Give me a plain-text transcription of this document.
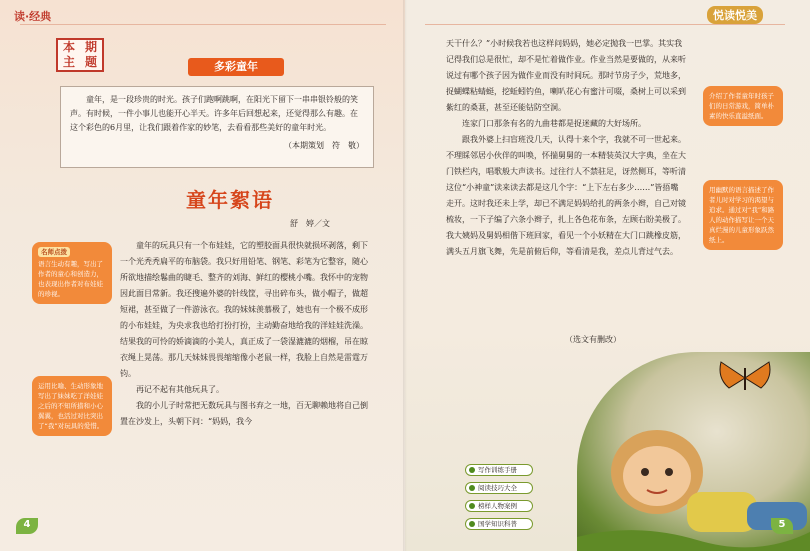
读·经典
本 期
主 题	多彩童年

童年，是一段珍贵的时光。孩子们跑啊跳啊，在阳光下留下一串串银铃般的笑声。有时候，一件小事儿也能开心半天。许多年后回想起来，还觉得那么有趣。在这个彩色的6月里，让我们跟着作家的妙笔，去看看那些美好的童年时光。

（本期策划　符　敬）

童年絮语
舒　婷／文

童年的玩具只有一个布娃娃，它的塑胶面具很快就损坏剥落，剩下一个光秃秃扁平的布脑袋。我只好用铅笔、钢笔、彩笔为它整容，随心所欲地描绘鬈曲的睫毛、整齐的刘海、鲜红的樱桃小嘴。我怀中的宠物因此面目常新。我还搜遍外婆的针线筐，寻出碎布头，做小帽子，做超短裙，甚至做了一件游泳衣。我的妹妹羡慕极了，她也有一个极不成形的小布娃娃，为央求我也给打扮打扮，主动勤奋地给我的洋娃娃洗澡。结果我的可怜的娇滴滴的小美人，真正成了一袋湿漉漉的烟榴，吊在晾衣绳上晃荡。那几天妹妹畏畏缩缩像小老鼠一样，我脸上自然是雷霆万钧。

再记不起有其他玩具了。

我的小儿子时常把无数玩具与图书弃之一地，百无聊赖地将自己倒置在沙发上，头朝下问：“妈妈，我今

名师点拨
语言生动有趣，写出了作者的童心和创造力，也表现出作者对布娃娃的珍视。
运用比喻、生动形象地写出了妹妹吃了洋娃娃之后的不知所措和小心翼翼，也活过对比突出了“我”对玩具的爱惜。
4
悦读悦美

天干什么？”小时候我若也这样问妈妈，她必定抛我一巴掌。其实我记得我们总是很忙，却不是忙着做作业。作业当然是要做的，从来听说过有哪个孩子因为做作业而没有时间玩。那时节房子少，荒地多，捉蝴蝶粘蜻蜓，挖蚯蚓钓鱼，喇叭花心有蜜汁可啜，桑树上可以采到紫红的桑葚，甚至还能钻防空洞。

连家门口那条有名的九曲巷都是捉迷藏的大好场所。

跟我外婆上扫盲班没几天，认得十来个字，我就不可一世起来。不理睬邻居小伙伴的叫唤，怀揣舅舅的一本精装英汉大字典，坐在大门铁栏内，唱歌般大声读书。过往行人不禁驻足，讶然侧耳，等听清这位“小神童”读来读去都是这几个字：“上下左右多少……”皆捂嘴走开。这时我还未上学，却已不满足妈妈给扎的两条小辫，自己对镜梳妆，一下子编了六条小辫子，扎上各色花布条，左顾右盼美极了。我大姨妈及舅妈相偕下班回家，看见一个小妖精在大门口跳橡皮筋，满头五月旗飞舞，先是前俯后仰，等看清是我，差点儿背过气去。

（选文有删改）
介绍了作者童年时孩子们的日常游戏，简单朴素的快乐直溢纸面。
用幽默的语言描述了作者儿时对学习的渴望与追求。通过对“我”和路人的动作描写让一个天真烂漫的儿童形象跃然纸上。
写作训练手册
阅读技巧大全
榜样人物案例
国学知识科普	5
